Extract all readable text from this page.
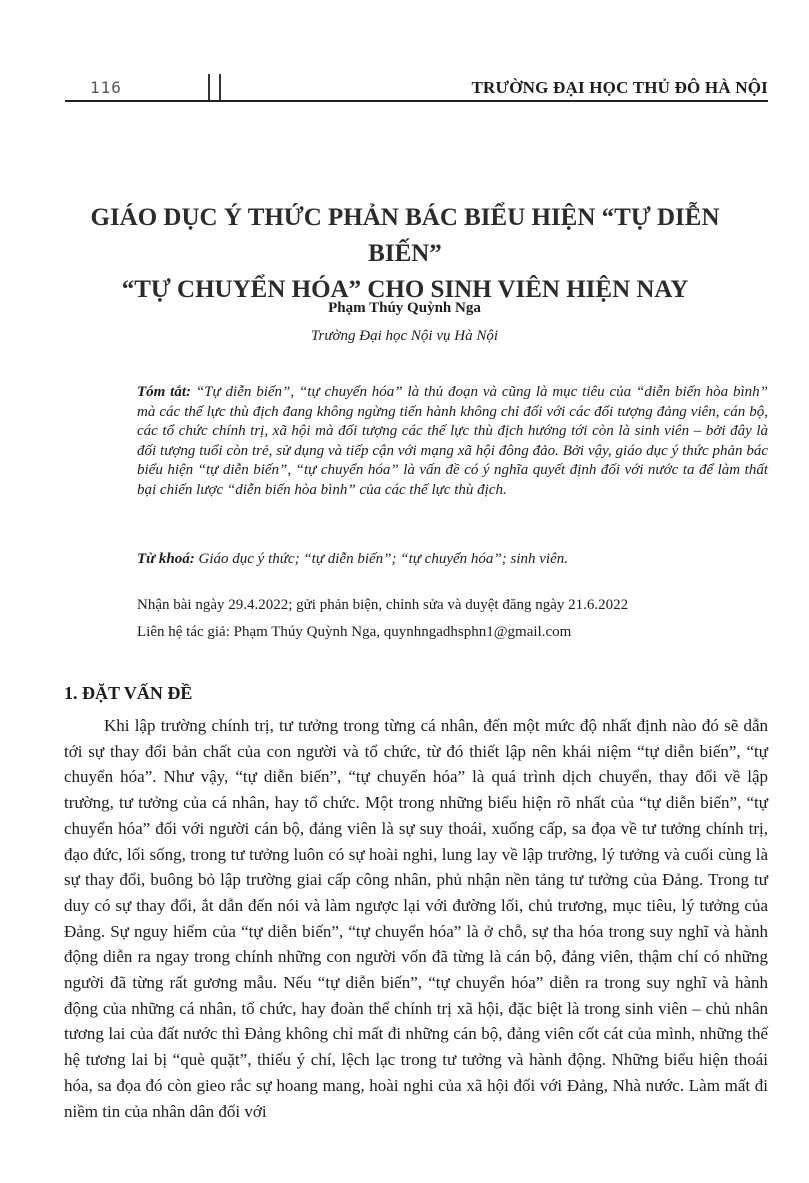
116	TRƯỜNG ĐẠI HỌC THỦ ĐÔ HÀ NỘI
GIÁO DỤC Ý THỨC PHẢN BÁC BIỂU HIỆN “TỰ DIỄN BIẾN”
“TỰ CHUYỂN HÓA” CHO SINH VIÊN HIỆN NAY
Phạm Thúy Quỳnh Nga
Trường Đại học Nội vụ Hà Nội
Tóm tắt: “Tự diễn biến”, “tự chuyển hóa” là thủ đoạn và cũng là mục tiêu của “diễn biến hòa bình” mà các thế lực thù địch đang không ngừng tiến hành không chỉ đối với các đối tượng đảng viên, cán bộ, các tổ chức chính trị, xã hội mà đối tượng các thế lực thù địch hướng tới còn là sinh viên – bởi đây là đối tượng tuổi còn trẻ, sử dụng và tiếp cận với mạng xã hội đông đảo. Bởi vậy, giáo dục ý thức phản bác biểu hiện “tự diễn biến”, “tự chuyển hóa” là vấn đề có ý nghĩa quyết định đối với nước ta để làm thất bại chiến lược “diễn biến hòa bình” của các thế lực thù địch.
Từ khoá: Giáo dục ý thức; “tự diễn biến”; “tự chuyển hóa”; sinh viên.
Nhận bài ngày 29.4.2022; gửi phản biện, chỉnh sửa và duyệt đăng ngày 21.6.2022
Liên hệ tác giả: Phạm Thúy Quỳnh Nga, quynhngadhsphn1@gmail.com
1. ĐẶT VẤN ĐỀ

Khi lập trường chính trị, tư tưởng trong từng cá nhân, đến một mức độ nhất định nào đó sẽ dẫn tới sự thay đổi bản chất của con người và tổ chức, từ đó thiết lập nên khái niệm “tự diễn biến”, “tự chuyển hóa”. Như vậy, “tự diễn biến”, “tự chuyển hóa” là quá trình dịch chuyển, thay đổi về lập trường, tư tưởng của cá nhân, hay tổ chức. Một trong những biểu hiện rõ nhất của “tự diễn biến”, “tự chuyển hóa” đối với người cán bộ, đảng viên là sự suy thoái, xuống cấp, sa đọa về tư tưởng chính trị, đạo đức, lối sống, trong tư tưởng luôn có sự hoài nghi, lung lay về lập trường, lý tưởng và cuối cùng là sự thay đổi, buông bỏ lập trường giai cấp công nhân, phủ nhận nền tảng tư tưởng của Đảng. Trong tư duy có sự thay đổi, ắt dẫn đến nói và làm ngược lại với đường lối, chủ trương, mục tiêu, lý tưởng của Đảng. Sự nguy hiểm của “tự diễn biến”, “tự chuyển hóa” là ở chỗ, sự tha hóa trong suy nghĩ và hành động diễn ra ngay trong chính những con người vốn đã từng là cán bộ, đảng viên, thậm chí có những người đã từng rất gương mẫu. Nếu “tự diễn biến”, “tự chuyển hóa” diễn ra trong suy nghĩ và hành động của những cá nhân, tổ chức, hay đoàn thể chính trị xã hội, đặc biệt là trong sinh viên – chủ nhân tương lai của đất nước thì Đảng không chỉ mất đi những cán bộ, đảng viên cốt cát của mình, những thế hệ tương lai bị “què quặt”, thiếu ý chí, lệch lạc trong tư tưởng và hành động. Những biểu hiện thoái hóa, sa đọa đó còn gieo rắc sự hoang mang, hoài nghi của xã hội đối với Đảng, Nhà nước. Làm mất đi niềm tin của nhân dân đối với
